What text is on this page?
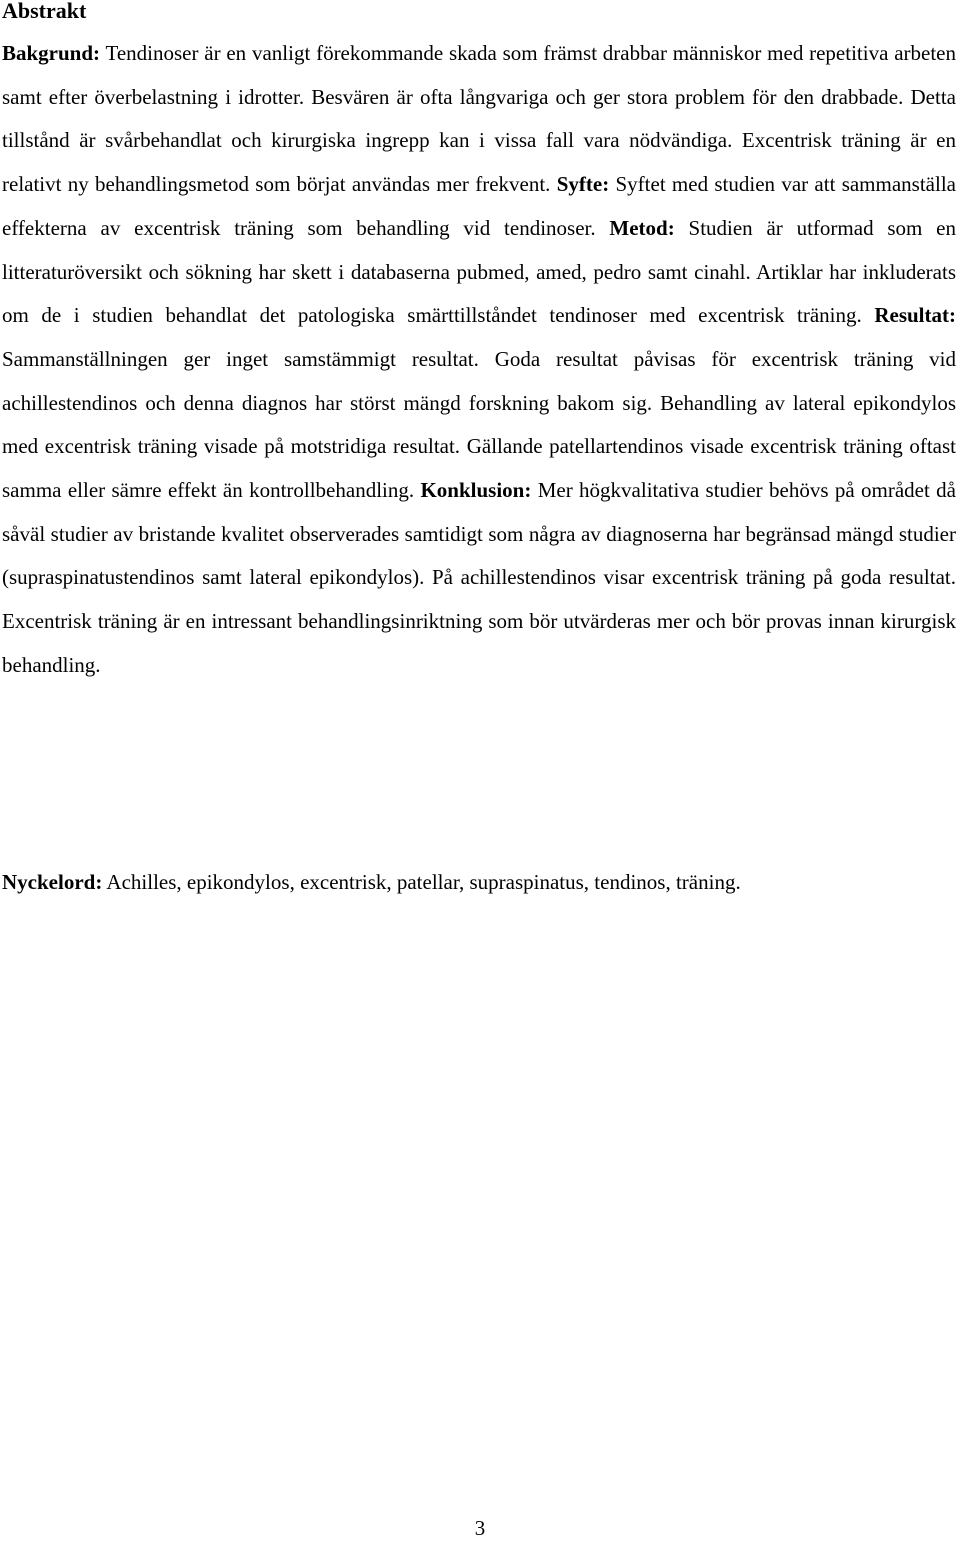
Abstrakt

Bakgrund: Tendinoser är en vanligt förekommande skada som främst drabbar människor med repetitiva arbeten samt efter överbelastning i idrotter. Besvären är ofta långvariga och ger stora problem för den drabbade. Detta tillstånd är svårbehandlat och kirurgiska ingrepp kan i vissa fall vara nödvändiga. Excentrisk träning är en relativt ny behandlingsmetod som börjat användas mer frekvent. Syfte: Syftet med studien var att sammanställa effekterna av excentrisk träning som behandling vid tendinoser. Metod: Studien är utformad som en litteraturöversikt och sökning har skett i databaserna pubmed, amed, pedro samt cinahl. Artiklar har inkluderats om de i studien behandlat det patologiska smärttillståndet tendinoser med excentrisk träning. Resultat: Sammanställningen ger inget samstämmigt resultat. Goda resultat påvisas för excentrisk träning vid achillestendinos och denna diagnos har störst mängd forskning bakom sig. Behandling av lateral epikondylos med excentrisk träning visade på motstridiga resultat. Gällande patellartendinos visade excentrisk träning oftast samma eller sämre effekt än kontrollbehandling. Konklusion: Mer högkvalitativa studier behövs på området då såväl studier av bristande kvalitet observerades samtidigt som några av diagnoserna har begränsad mängd studier (supraspinatustendinos samt lateral epikondylos). På achillestendinos visar excentrisk träning på goda resultat. Excentrisk träning är en intressant behandlingsinriktning som bör utvärderas mer och bör provas innan kirurgisk behandling.

Nyckelord: Achilles, epikondylos, excentrisk, patellar, supraspinatus, tendinos, träning.

3
